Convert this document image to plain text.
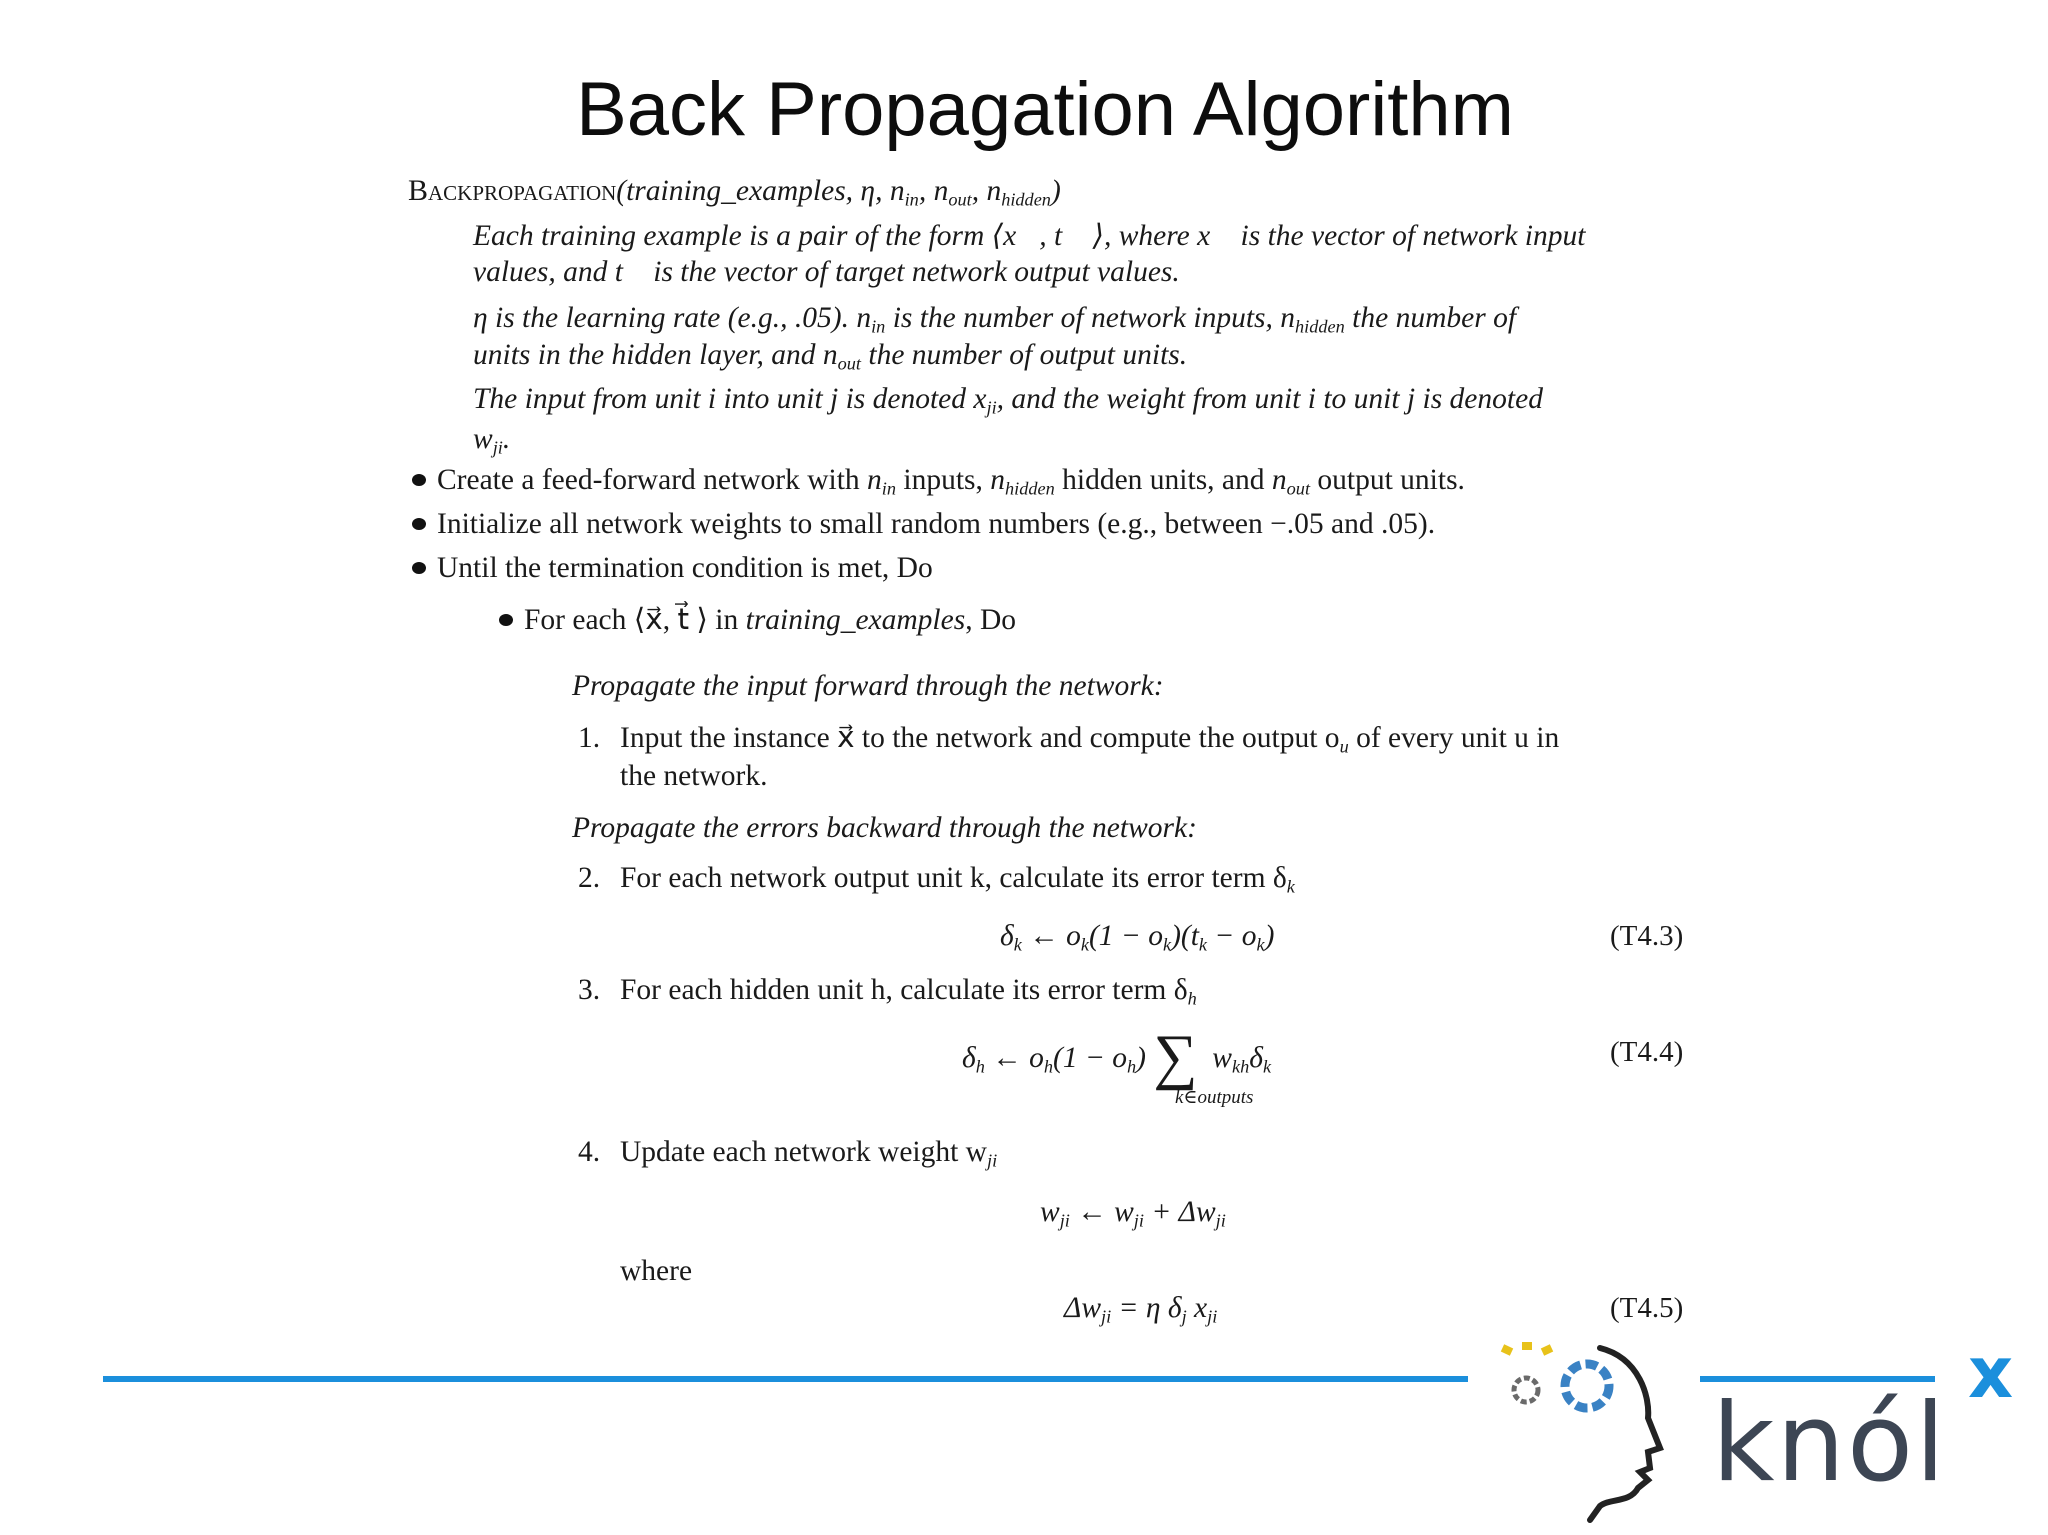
Back Propagation Algorithm
Backpropagation(training_examples, η, $n_{in}$, $n_{out}$, $n_{hidden}$)
Each training example is a pair of the form ⟨x⃗, t⃗ ⟩, where x⃗ is the vector of network input
values, and t⃗ is the vector of target network output values.
η is the learning rate (e.g., .05). $n_{in}$ is the number of network inputs, $n_{hidden}$ the number of
units in the hidden layer, and $n_{out}$ the number of output units.
The input from unit i into unit j is denoted $x_{ji}$, and the weight from unit i to unit j is denoted
$w_{ji}$.
Create a feed-forward network with $n_{in}$ inputs, $n_{hidden}$ hidden units, and $n_{out}$ output units.
Initialize all network weights to small random numbers (e.g., between −.05 and .05).
Until the termination condition is met, Do
For each ⟨x⃗, t⃗ ⟩ in training_examples, Do
Propagate the input forward through the network:
1. Input the instance x⃗ to the network and compute the output $o_u$ of every unit u in
the network.
Propagate the errors backward through the network:
2. For each network output unit k, calculate its error term $\delta_k$
$\delta_k$ ← $o_k(1 - o_k)(t_k - o_k)$	(T4.3)
3. For each hidden unit h, calculate its error term $\delta_h$
$\delta_h$ ← $o_h(1 - o_h)$ ∑  $w_{kh}\delta_k$
k∈outputs
(T4.4)
4. Update each network weight $w_{ji}$
$w_{ji}$ ← $w_{ji} + \Delta w_{ji}$
where
$\Delta w_{ji} = \eta$ $\delta_j$ $x_{ji}$	(T4.5)
knól
x
